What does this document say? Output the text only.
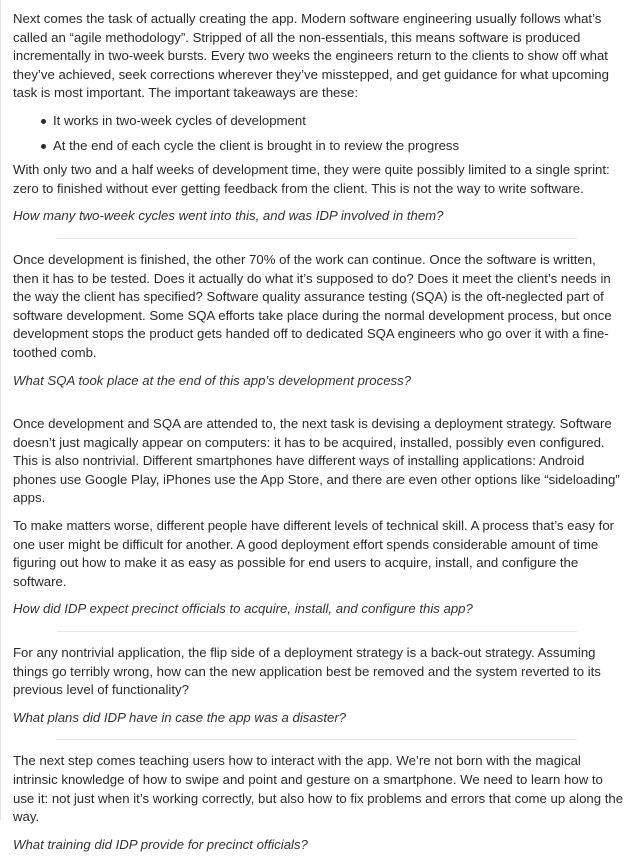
Next comes the task of actually creating the app. Modern software engineering usually follows what’s called an “agile methodology”. Stripped of all the non-essentials, this means software is produced incrementally in two-week bursts. Every two weeks the engineers return to the clients to show off what they’ve achieved, seek corrections wherever they’ve misstepped, and get guidance for what upcoming task is most important. The important takeaways are these:

It works in two-week cycles of development
At the end of each cycle the client is brought in to review the progress

With only two and a half weeks of development time, they were quite possibly limited to a single sprint: zero to finished without ever getting feedback from the client. This is not the way to write software.

How many two-week cycles went into this, and was IDP involved in them?

Once development is finished, the other 70% of the work can continue. Once the software is written, then it has to be tested. Does it actually do what it’s supposed to do? Does it meet the client’s needs in the way the client has specified? Software quality assurance testing (SQA) is the oft-neglected part of software development. Some SQA efforts take place during the normal development process, but once development stops the product gets handed off to dedicated SQA engineers who go over it with a fine-toothed comb.

What SQA took place at the end of this app’s development process?

Once development and SQA are attended to, the next task is devising a deployment strategy. Software doesn’t just magically appear on computers: it has to be acquired, installed, possibly even configured. This is also nontrivial. Different smartphones have different ways of installing applications: Android phones use Google Play, iPhones use the App Store, and there are even other options like “sideloading” apps.

To make matters worse, different people have different levels of technical skill. A process that’s easy for one user might be difficult for another. A good deployment effort spends considerable amount of time figuring out how to make it as easy as possible for end users to acquire, install, and configure the software.

How did IDP expect precinct officials to acquire, install, and configure this app?

For any nontrivial application, the flip side of a deployment strategy is a back-out strategy. Assuming things go terribly wrong, how can the new application best be removed and the system reverted to its previous level of functionality?

What plans did IDP have in case the app was a disaster?

The next step comes teaching users how to interact with the app. We’re not born with the magical intrinsic knowledge of how to swipe and point and gesture on a smartphone. We need to learn how to use it: not just when it’s working correctly, but also how to fix problems and errors that come up along the way.

What training did IDP provide for precinct officials?
